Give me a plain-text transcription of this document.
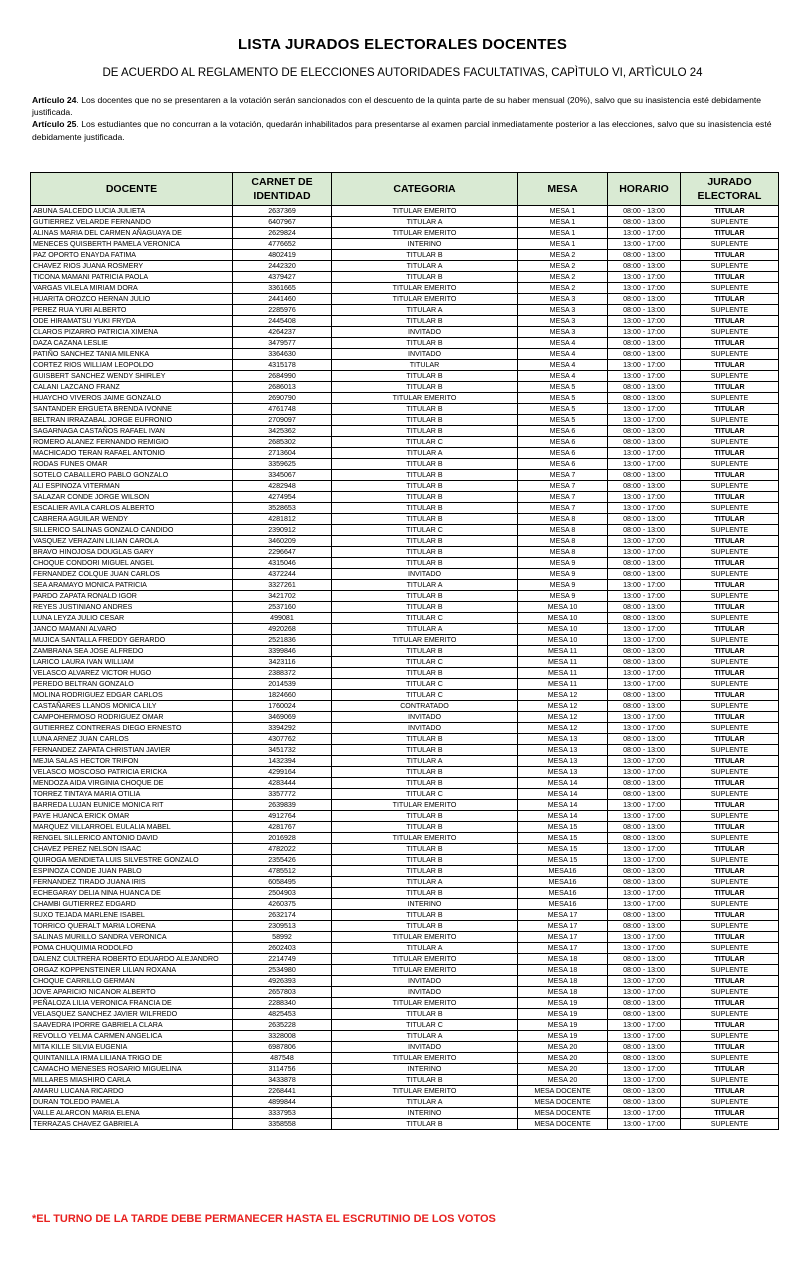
LISTA JURADOS ELECTORALES DOCENTES
DE ACUERDO AL REGLAMENTO DE ELECCIONES AUTORIDADES FACULTATIVAS, CAPÌTULO VI, ARTÌCULO 24

Artículo 24. Los docentes que no se presentaren a la votación serán sancionados con el descuento de la quinta parte de su haber mensual (20%), salvo que su inasistencia esté debidamente justificada.

Artículo 25. Los estudiantes que no concurran a la votación, quedarán inhabilitados para presentarse al examen parcial inmediatamente posterior a las elecciones, salvo que su inasistencia esté debidamente justificada.

DOCENTE	CARNET DE IDENTIDAD	CATEGORIA	MESA	HORARIO	JURADO ELECTORAL
ABUNA SALCEDO LUCIA JULIETA	2637369	TITULAR EMERITO	MESA 1	08:00 - 13:00	TITULAR
GUTIERREZ VELARDE FERNANDO	6407967	TITULAR A	MESA 1	08:00 - 13:00	SUPLENTE
ALINAS MARIA DEL CARMEN AÑAGUAYA DE	2629824	TITULAR EMERITO	MESA 1	13:00 - 17:00	TITULAR
MENECES QUISBERTH PAMELA VERONICA	4776652	INTERINO	MESA 1	13:00 - 17:00	SUPLENTE
PAZ OPORTO ENAYDA FATIMA	4802419	TITULAR B	MESA 2	08:00 - 13:00	TITULAR
CHAVEZ RIOS JUANA ROSMERY	2442320	TITULAR A	MESA 2	08:00 - 13:00	SUPLENTE
TICONA MAMANI PATRICIA PAOLA	4379427	TITULAR B	MESA 2	13:00 - 17:00	TITULAR
VARGAS VILELA MIRIAM DORA	3361665	TITULAR EMERITO	MESA 2	13:00 - 17:00	SUPLENTE
HUARITA OROZCO HERNAN JULIO	2441460	TITULAR EMERITO	MESA 3	08:00 - 13:00	TITULAR
PEREZ RUA YURI ALBERTO	2285976	TITULAR A	MESA 3	08:00 - 13:00	SUPLENTE
ODE HIRAMATSU YUKI FRYDA	2445408	TITULAR B	MESA 3	13:00 - 17:00	TITULAR
CLAROS PIZARRO PATRICIA XIMENA	4264237	INVITADO	MESA 3	13:00 - 17:00	SUPLENTE
DAZA CAZANA LESLIE	3479577	TITULAR B	MESA 4	08:00 - 13:00	TITULAR
PATIÑO SANCHEZ TANIA MILENKA	3364630	INVITADO	MESA 4	08:00 - 13:00	SUPLENTE
CORTEZ RIOS WILLIAM LEOPOLDO	4315178	TITULAR	MESA 4	13:00 - 17:00	TITULAR
GUISBERT SANCHEZ WENDY SHIRLEY	2684990	TITULAR B	MESA 4	13:00 - 17:00	SUPLENTE
CALANI LAZCANO FRANZ	2686013	TITULAR B	MESA 5	08:00 - 13:00	TITULAR
HUAYCHO VIVEROS JAIME GONZALO	2690790	TITULAR EMERITO	MESA 5	08:00 - 13:00	SUPLENTE
SANTANDER ERGUETA BRENDA IVONNE	4761748	TITULAR B	MESA 5	13:00 - 17:00	TITULAR
BELTRAN IRRAZABAL JORGE EUFRONIO	2709097	TITULAR B	MESA 5	13:00 - 17:00	SUPLENTE
SAGARNAGA CASTAÑOS RAFAEL IVAN	3425362	TITULAR B	MESA 6	08:00 - 13:00	TITULAR
ROMERO ALANEZ FERNANDO REMIGIO	2685302	TITULAR C	MESA 6	08:00 - 13:00	SUPLENTE
MACHICADO TERAN RAFAEL ANTONIO	2713604	TITULAR A	MESA 6	13:00 - 17:00	TITULAR
RODAS FUNES OMAR	3359625	TITULAR B	MESA 6	13:00 - 17:00	SUPLENTE
SOTELO CABALLERO PABLO GONZALO	3345067	TITULAR B	MESA 7	08:00 - 13:00	TITULAR
ALI ESPINOZA VITERMAN	4282948	TITULAR B	MESA 7	08:00 - 13:00	SUPLENTE
SALAZAR CONDE JORGE WILSON	4274954	TITULAR B	MESA 7	13:00 - 17:00	TITULAR
ESCALIER AVILA CARLOS ALBERTO	3528653	TITULAR B	MESA 7	13:00 - 17:00	SUPLENTE
CABRERA AGUILAR WENDY	4281812	TITULAR B	MESA 8	08:00 - 13:00	TITULAR
SILLERICO SALINAS GONZALO CANDIDO	2390912	TITULAR C	MESA 8	08:00 - 13:00	SUPLENTE
VASQUEZ VERAZAIN LILIAN CAROLA	3460209	TITULAR B	MESA 8	13:00 - 17:00	TITULAR
BRAVO HINOJOSA DOUGLAS GARY	2296647	TITULAR B	MESA 8	13:00 - 17:00	SUPLENTE
CHOQUE CONDORI MIGUEL ANGEL	4315046	TITULAR B	MESA 9	08:00 - 13:00	TITULAR
FERNANDEZ COLQUE JUAN CARLOS	4372244	INVITADO	MESA 9	08:00 - 13:00	SUPLENTE
SEA ARAMAYO MONICA PATRICIA	3327261	TITULAR A	MESA 9	13:00 - 17:00	TITULAR
PARDO ZAPATA RONALD IGOR	3421702	TITULAR B	MESA 9	13:00 - 17:00	SUPLENTE
REYES JUSTINIANO ANDRES	2537160	TITULAR B	MESA 10	08:00 - 13:00	TITULAR
LUNA LEYZA JULIO CESAR	499081	TITULAR C	MESA 10	08:00 - 13:00	SUPLENTE
JANCO MAMANI ALVARO	4920268	TITULAR A	MESA 10	13:00 - 17:00	TITULAR
MUJICA SANTALLA FREDDY GERARDO	2521836	TITULAR EMERITO	MESA 10	13:00 - 17:00	SUPLENTE
ZAMBRANA SEA JOSE ALFREDO	3399846	TITULAR B	MESA 11	08:00 - 13:00	TITULAR
LARICO LAURA IVAN WILLIAM	3423116	TITULAR C	MESA 11	08:00 - 13:00	SUPLENTE
VELASCO ALVAREZ VICTOR HUGO	2388372	TITULAR B	MESA 11	13:00 - 17:00	TITULAR
PEREDO BELTRAN GONZALO	2014539	TITULAR C	MESA 11	13:00 - 17:00	SUPLENTE
MOLINA RODRIGUEZ EDGAR CARLOS	1824660	TITULAR C	MESA 12	08:00 - 13:00	TITULAR
CASTAÑARES LLANOS MONICA LILY	1760024	CONTRATADO	MESA 12	08:00 - 13:00	SUPLENTE
CAMPOHERMOSO RODRIGUEZ OMAR	3469069	INVITADO	MESA 12	13:00 - 17:00	TITULAR
GUTIERREZ CONTRERAS DIEGO ERNESTO	3394292	INVITADO	MESA 12	13:00 - 17:00	SUPLENTE
LUNA ARNEZ JUAN CARLOS	4307762	TITULAR B	MESA 13	08:00 - 13:00	TITULAR
FERNANDEZ ZAPATA CHRISTIAN JAVIER	3451732	TITULAR B	MESA 13	08:00 - 13:00	SUPLENTE
MEJIA SALAS HECTOR TRIFON	1432394	TITULAR A	MESA 13	13:00 - 17:00	TITULAR
VELASCO MOSCOSO PATRICIA ERICKA	4299164	TITULAR B	MESA 13	13:00 - 17:00	SUPLENTE
MENDOZA AIDA VIRGINIA CHOQUE DE	4283444	TITULAR B	MESA 14	08:00 - 13:00	TITULAR
TORREZ TINTAYA MARIA OTILIA	3357772	TITULAR C	MESA 14	08:00 - 13:00	SUPLENTE
BARREDA LUJAN EUNICE MONICA RIT	2639839	TITULAR EMERITO	MESA 14	13:00 - 17:00	TITULAR
PAYE HUANCA ERICK OMAR	4912764	TITULAR B	MESA 14	13:00 - 17:00	SUPLENTE
MARQUEZ VILLARROEL EULALIA MABEL	4281767	TITULAR B	MESA 15	08:00 - 13:00	TITULAR
RENGEL SILLERICO ANTONIO DAVID	2016928	TITULAR EMERITO	MESA 15	08:00 - 13:00	SUPLENTE
CHAVEZ PEREZ NELSON ISAAC	4782022	TITULAR B	MESA 15	13:00 - 17:00	TITULAR
QUIROGA MENDIETA LUIS SILVESTRE GONZALO	2355426	TITULAR B	MESA 15	13:00 - 17:00	SUPLENTE
ESPINOZA CONDE JUAN PABLO	4785512	TITULAR B	MESA16	08:00 - 13:00	TITULAR
FERNANDEZ TIRADO JUANA IRIS	6058495	TITULAR A	MESA16	08:00 - 13:00	SUPLENTE
ECHEGARAY DELIA NINA HUANCA DE	2504903	TITULAR B	MESA16	13:00 - 17:00	TITULAR
CHAMBI GUTIERREZ EDGARD	4260375	INTERINO	MESA16	13:00 - 17:00	SUPLENTE
SUXO TEJADA MARLENE ISABEL	2632174	TITULAR B	MESA 17	08:00 - 13:00	TITULAR
TORRICO QUERALT MARIA LORENA	2309513	TITULAR B	MESA 17	08:00 - 13:00	SUPLENTE
SALINAS MURILLO SANDRA VERONICA	58992	TITULAR EMERITO	MESA 17	13:00 - 17:00	TITULAR
POMA CHUQUIMIA RODOLFO	2602403	TITULAR A	MESA 17	13:00 - 17:00	SUPLENTE
DALENZ CULTRERA ROBERTO EDUARDO ALEJANDRO	2214749	TITULAR EMERITO	MESA 18	08:00 - 13:00	TITULAR
ORGAZ KOPPENSTEINER LILIAN ROXANA	2534980	TITULAR EMERITO	MESA 18	08:00 - 13:00	SUPLENTE
CHOQUE CARRILLO GERMAN	4926393	INVITADO	MESA 18	13:00 - 17:00	TITULAR
JOVE APARICIO NICANOR ALBERTO	2657803	INVITADO	MESA 18	13:00 - 17:00	SUPLENTE
PEÑALOZA LILIA VERONICA FRANCIA DE	2288340	TITULAR EMERITO	MESA 19	08:00 - 13:00	TITULAR
VELASQUEZ SANCHEZ JAVIER WILFREDO	4825453	TITULAR B	MESA 19	08:00 - 13:00	SUPLENTE
SAAVEDRA IPORRE GABRIELA CLARA	2635228	TITULAR C	MESA 19	13:00 - 17:00	TITULAR
REVOLLO YELMA CARMEN ANGELICA	3328008	TITULAR A	MESA 19	13:00 - 17:00	SUPLENTE
MITA KILLE SILVIA EUGENIA	6987806	INVITADO	MESA 20	08:00 - 13:00	TITULAR
QUINTANILLA IRMA LILIANA TRIGO DE	487548	TITULAR EMERITO	MESA 20	08:00 - 13:00	SUPLENTE
CAMACHO MENESES ROSARIO MIGUELINA	3114756	INTERINO	MESA 20	13:00 - 17:00	TITULAR
MILLARES MIASHIRO CARLA	3433878	TITULAR B	MESA 20	13:00 - 17:00	SUPLENTE
AMARU LUCANA RICARDO	2268441	TITULAR EMERITO	MESA DOCENTE	08:00 - 13:00	TITULAR
DURAN TOLEDO PAMELA	4899844	TITULAR A	MESA DOCENTE	08:00 - 13:00	SUPLENTE
VALLE ALARCON MARIA ELENA	3337953	INTERINO	MESA DOCENTE	13:00 - 17:00	TITULAR
TERRAZAS CHAVEZ GABRIELA	3358558	TITULAR B	MESA DOCENTE	13:00 - 17:00	SUPLENTE
*EL TURNO DE LA TARDE DEBE PERMANECER HASTA EL ESCRUTINIO DE LOS VOTOS
